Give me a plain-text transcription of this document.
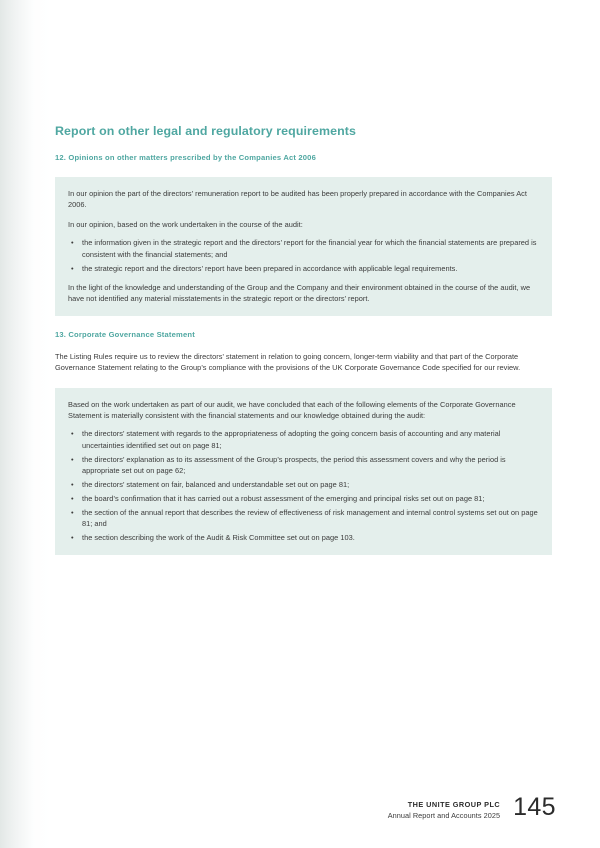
Report on other legal and regulatory requirements
12. Opinions on other matters prescribed by the Companies Act 2006

In our opinion the part of the directors’ remuneration report to be audited has been properly prepared in accordance with the Companies Act 2006.

In our opinion, based on the work undertaken in the course of the audit:

• the information given in the strategic report and the directors’ report for the financial year for which the financial statements are prepared is consistent with the financial statements; and
• the strategic report and the directors’ report have been prepared in accordance with applicable legal requirements.

In the light of the knowledge and understanding of the Group and the Company and their environment obtained in the course of the audit, we have not identified any material misstatements in the strategic report or the directors’ report.

13. Corporate Governance Statement

The Listing Rules require us to review the directors’ statement in relation to going concern, longer-term viability and that part of the Corporate Governance Statement relating to the Group’s compliance with the provisions of the UK Corporate Governance Code specified for our review.

Based on the work undertaken as part of our audit, we have concluded that each of the following elements of the Corporate Governance Statement is materially consistent with the financial statements and our knowledge obtained during the audit:

• the directors’ statement with regards to the appropriateness of adopting the going concern basis of accounting and any material uncertainties identified set out on page 81;
• the directors’ explanation as to its assessment of the Group’s prospects, the period this assessment covers and why the period is appropriate set out on page 62;
• the directors’ statement on fair, balanced and understandable set out on page 81;
• the board’s confirmation that it has carried out a robust assessment of the emerging and principal risks set out on page 81;
• the section of the annual report that describes the review of effectiveness of risk management and internal control systems set out on page 81; and
• the section describing the work of the Audit & Risk Committee set out on page 103.

THE UNITE GROUP PLC

Annual Report and Accounts 2025 145
